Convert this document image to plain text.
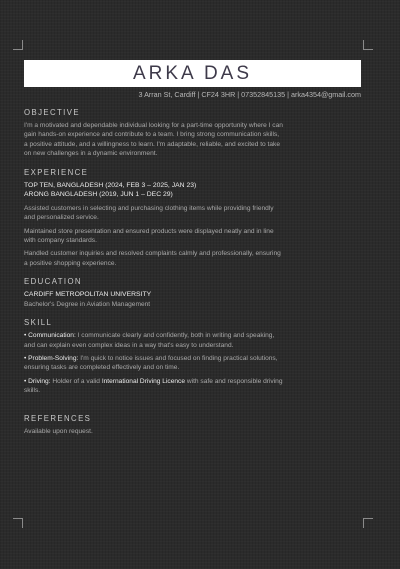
ARKA DAS
3 Arran St, Cardiff | CF24 3HR | 07352845135 | arka4354@gmail.com
OBJECTIVE

I'm a motivated and dependable individual looking for a part-time opportunity where I can gain hands-on experience and contribute to a team. I bring strong communication skills, a positive attitude, and a willingness to learn. I'm adaptable, reliable, and excited to take on new challenges in a dynamic environment.

EXPERIENCE

TOP TEN, BANGLADESH (2024, FEB 3 – 2025, JAN 23)

ARONG BANGLADESH (2019, JUN 1 – DEC 29)

Assisted customers in selecting and purchasing clothing items while providing friendly and personalized service.

Maintained store presentation and ensured products were displayed neatly and in line with company standards.

Handled customer inquiries and resolved complaints calmly and professionally, ensuring a positive shopping experience.

EDUCATION

CARDIFF METROPOLITAN UNIVERSITY

Bachelor's Degree in Aviation Management

SKILL

• Communication: I communicate clearly and confidently, both in writing and speaking, and can explain even complex ideas in a way that's easy to understand.

• Problem-Solving: I'm quick to notice issues and focused on finding practical solutions, ensuring tasks are completed effectively and on time.

• Driving: Holder of a valid International Driving Licence with safe and responsible driving skills.

REFERENCES

Available upon request.
